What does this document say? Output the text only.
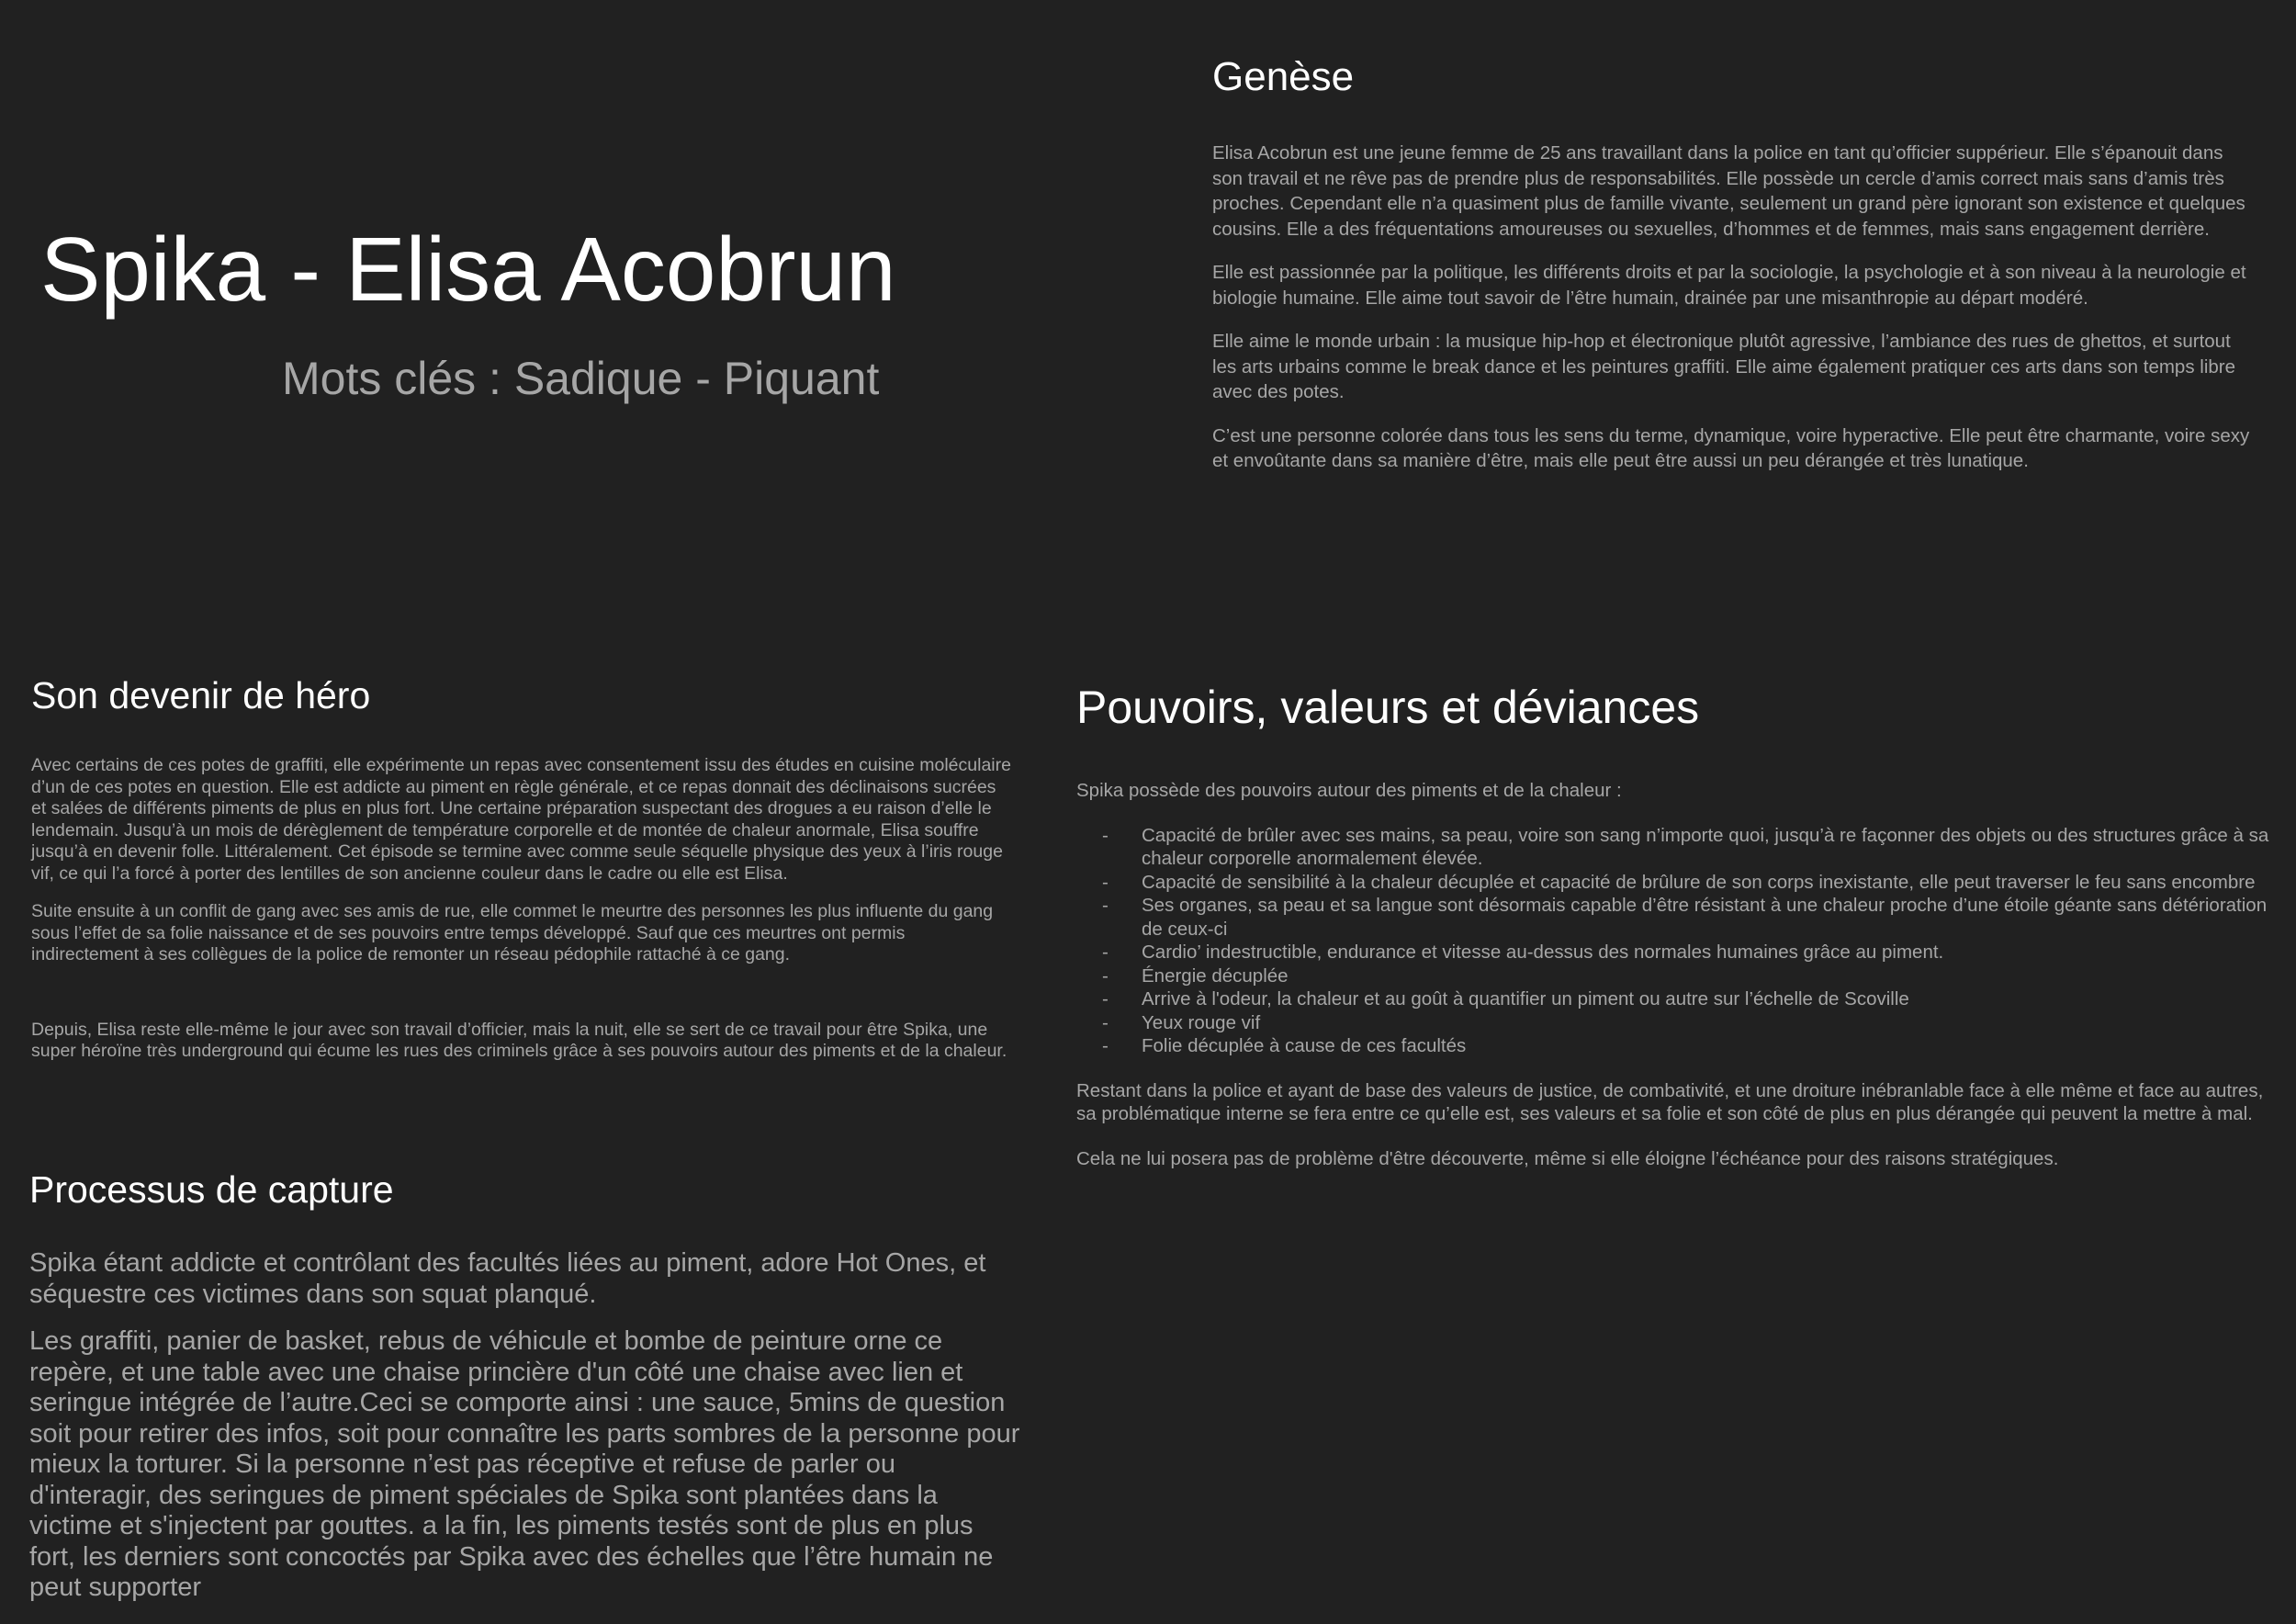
Spika - Elisa Acobrun
Mots clés : Sadique - Piquant
Genèse

Elisa Acobrun est une jeune femme de 25 ans travaillant dans la police en tant qu’officier suppérieur. Elle s’épanouit dans son travail et ne rêve pas de prendre plus de responsabilités. Elle possède un cercle d’amis correct mais sans d’amis très proches. Cependant elle n’a quasiment plus de famille vivante, seulement un grand père ignorant son existence et quelques cousins. Elle a des fréquentations amoureuses ou sexuelles, d’hommes et de femmes, mais sans engagement derrière.

Elle est passionnée par la politique, les différents droits et par la sociologie, la psychologie et à son niveau à la neurologie et biologie humaine. Elle aime tout savoir de l’être humain, drainée par une misanthropie au départ modéré.

Elle aime le monde urbain : la musique hip-hop et électronique plutôt agressive, l’ambiance des rues de ghettos, et surtout les arts urbains comme le break dance et les peintures graffiti. Elle aime également pratiquer ces arts dans son temps libre avec des potes.

C’est une personne colorée dans tous les sens du terme, dynamique, voire hyperactive. Elle peut être charmante, voire sexy et envoûtante dans sa manière d’être, mais elle peut être aussi un peu dérangée et très lunatique.

Son devenir de héro

Avec certains de ces potes de graffiti, elle expérimente un repas avec consentement issu des études en cuisine moléculaire d’un de ces potes en question. Elle est addicte au piment en règle générale, et ce repas donnait des déclinaisons sucrées et salées de différents piments de plus en plus fort. Une certaine préparation suspectant des drogues a eu raison d’elle le lendemain. Jusqu’à un mois de dérèglement de température corporelle et de montée de chaleur anormale, Elisa souffre jusqu’à en devenir folle. Littéralement. Cet épisode se termine avec comme seule séquelle physique des yeux à l’iris rouge vif, ce qui l’a forcé à porter des lentilles de son ancienne couleur dans le cadre ou elle est Elisa.

Suite ensuite à un conflit de gang avec ses amis de rue, elle commet le meurtre des personnes les plus influente du gang sous l’effet de sa folie naissance et de ses pouvoirs entre temps développé. Sauf que ces meurtres ont permis indirectement à ses collègues de la police de remonter un réseau pédophile rattaché à ce gang.

Depuis, Elisa reste elle-même le jour avec son travail d’officier, mais la nuit, elle se sert de ce travail pour être Spika, une super héroïne très underground qui écume les rues des criminels grâce à ses pouvoirs autour des piments et de la chaleur.

Processus de capture

Spika étant addicte et contrôlant des facultés liées au piment, adore Hot Ones, et séquestre ces victimes dans son squat planqué.

Les graffiti, panier de basket, rebus de véhicule et bombe de peinture orne ce repère, et une table avec une chaise princière d'un côté une chaise avec lien et seringue intégrée de l’autre.Ceci se comporte ainsi : une sauce, 5mins de question soit pour retirer des infos, soit pour connaître les parts sombres de la personne pour mieux la torturer. Si la personne n’est pas réceptive et refuse de parler ou d'interagir, des seringues de piment spéciales de Spika sont plantées dans la victime et s'injectent par gouttes. a la fin, les piments testés sont de plus en plus fort, les derniers sont concoctés par Spika avec des échelles que l’être humain ne peut supporter

Pouvoirs, valeurs et déviances

Spika possède des pouvoirs autour des piments et de la chaleur :

- Capacité de brûler avec ses mains, sa peau, voire son sang n’importe quoi, jusqu’à re façonner des objets ou des structures grâce à sa chaleur corporelle anormalement élevée.
- Capacité de sensibilité à la chaleur décuplée et capacité de brûlure de son corps inexistante, elle peut traverser le feu sans encombre
- Ses organes, sa peau et sa langue sont désormais capable d’être résistant à une chaleur proche d’une étoile géante sans détérioration de ceux-ci
- Cardio’ indestructible, endurance et vitesse au-dessus des normales humaines grâce au piment.
- Énergie décuplée
- Arrive à l'odeur, la chaleur et au goût à quantifier un piment ou autre sur l’échelle de Scoville
- Yeux rouge vif
- Folie décuplée à cause de ces facultés

Restant dans la police et ayant de base des valeurs de justice, de combativité, et une droiture inébranlable face à elle même et face au autres, sa problématique interne se fera entre ce qu’elle est, ses valeurs et sa folie et son côté de plus en plus dérangée qui peuvent la mettre à mal.

Cela ne lui posera pas de problème d'être découverte, même si elle éloigne l’échéance pour des raisons stratégiques.
